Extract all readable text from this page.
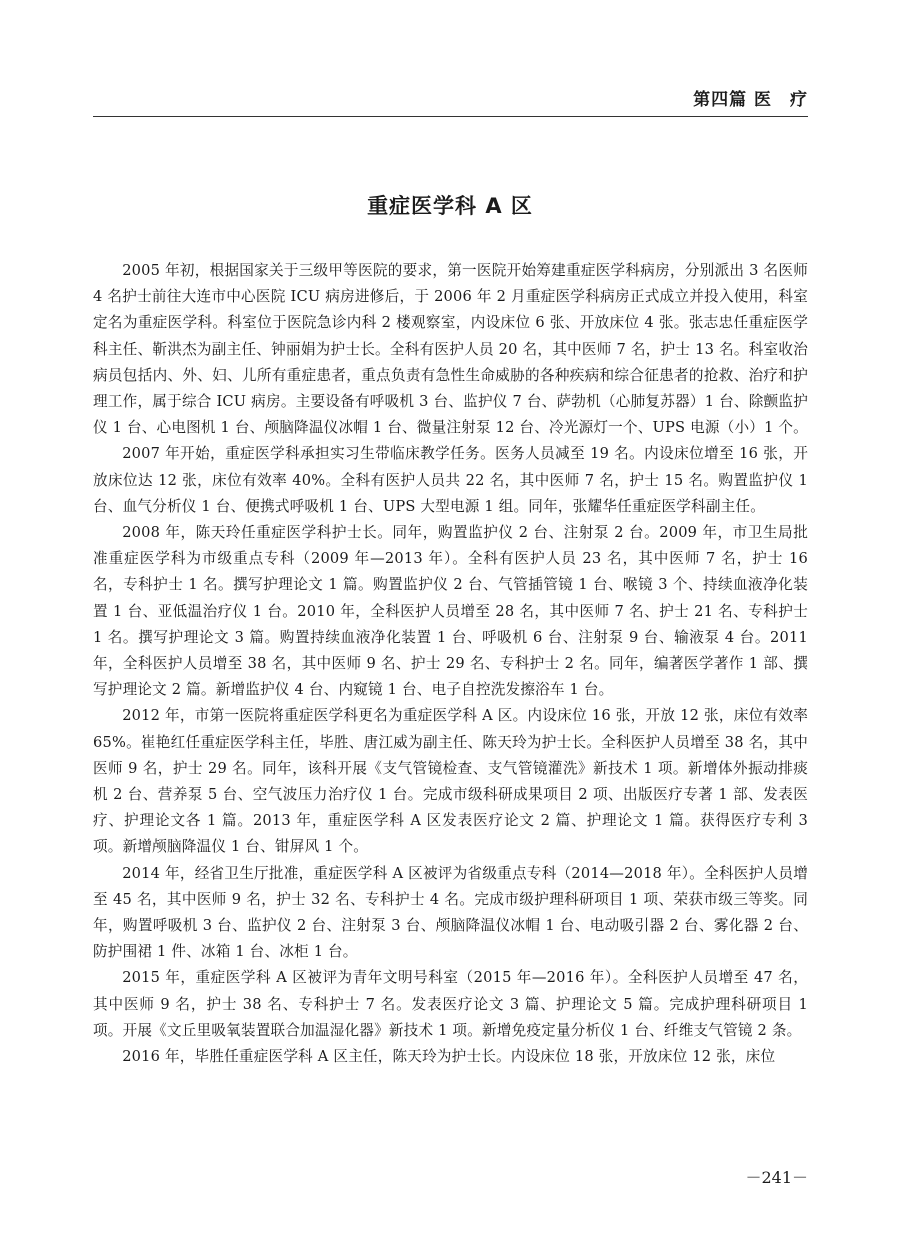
第四篇 医　疗
重症医学科 A 区

2005 年初，根据国家关于三级甲等医院的要求，第一医院开始筹建重症医学科病房，分别派出 3 名医师 4 名护士前往大连市中心医院 ICU 病房进修后，于 2006 年 2 月重症医学科病房正式成立并投入使用，科室定名为重症医学科。科室位于医院急诊内科 2 楼观察室，内设床位 6 张、开放床位 4 张。张志忠任重症医学科主任、靳洪杰为副主任、钟丽娟为护士长。全科有医护人员 20 名，其中医师 7 名，护士 13 名。科室收治病员包括内、外、妇、儿所有重症患者，重点负责有急性生命威胁的各种疾病和综合征患者的抢救、治疗和护理工作，属于综合 ICU 病房。主要设备有呼吸机 3 台、监护仪 7 台、萨勃机（心肺复苏器）1 台、除颤监护仪 1 台、心电图机 1 台、颅脑降温仪冰帽 1 台、微量注射泵 12 台、冷光源灯一个、UPS 电源（小）1 个。

2007 年开始，重症医学科承担实习生带临床教学任务。医务人员减至 19 名。内设床位增至 16 张，开放床位达 12 张，床位有效率 40%。全科有医护人员共 22 名，其中医师 7 名，护士 15 名。购置监护仪 1 台、血气分析仪 1 台、便携式呼吸机 1 台、UPS 大型电源 1 组。同年，张耀华任重症医学科副主任。

2008 年，陈天玲任重症医学科护士长。同年，购置监护仪 2 台、注射泵 2 台。2009 年，市卫生局批准重症医学科为市级重点专科（2009 年—2013 年）。全科有医护人员 23 名，其中医师 7 名，护士 16 名，专科护士 1 名。撰写护理论文 1 篇。购置监护仪 2 台、气管插管镜 1 台、喉镜 3 个、持续血液净化装置 1 台、亚低温治疗仪 1 台。2010 年，全科医护人员增至 28 名，其中医师 7 名、护士 21 名、专科护士 1 名。撰写护理论文 3 篇。购置持续血液净化装置 1 台、呼吸机 6 台、注射泵 9 台、输液泵 4 台。2011 年，全科医护人员增至 38 名，其中医师 9 名、护士 29 名、专科护士 2 名。同年，编著医学著作 1 部、撰写护理论文 2 篇。新增监护仪 4 台、内窥镜 1 台、电子自控洗发擦浴车 1 台。

2012 年，市第一医院将重症医学科更名为重症医学科 A 区。内设床位 16 张，开放 12 张，床位有效率 65%。崔艳红任重症医学科主任，毕胜、唐江威为副主任、陈天玲为护士长。全科医护人员增至 38 名，其中医师 9 名，护士 29 名。同年，该科开展《支气管镜检查、支气管镜灌洗》新技术 1 项。新增体外振动排痰机 2 台、营养泵 5 台、空气波压力治疗仪 1 台。完成市级科研成果项目 2 项、出版医疗专著 1 部、发表医疗、护理论文各 1 篇。2013 年，重症医学科 A 区发表医疗论文 2 篇、护理论文 1 篇。获得医疗专利 3 项。新增颅脑降温仪 1 台、钳屏风 1 个。

2014 年，经省卫生厅批准，重症医学科 A 区被评为省级重点专科（2014—2018 年）。全科医护人员增至 45 名，其中医师 9 名，护士 32 名、专科护士 4 名。完成市级护理科研项目 1 项、荣获市级三等奖。同年，购置呼吸机 3 台、监护仪 2 台、注射泵 3 台、颅脑降温仪冰帽 1 台、电动吸引器 2 台、雾化器 2 台、防护围裙 1 件、冰箱 1 台、冰柜 1 台。

2015 年，重症医学科 A 区被评为青年文明号科室（2015 年—2016 年）。全科医护人员增至 47 名，其中医师 9 名，护士 38 名、专科护士 7 名。发表医疗论文 3 篇、护理论文 5 篇。完成护理科研项目 1 项。开展《文丘里吸氧装置联合加温湿化器》新技术 1 项。新增免疫定量分析仪 1 台、纤维支气管镜 2 条。

2016 年，毕胜任重症医学科 A 区主任，陈天玲为护士长。内设床位 18 张，开放床位 12 张，床位

－241－
